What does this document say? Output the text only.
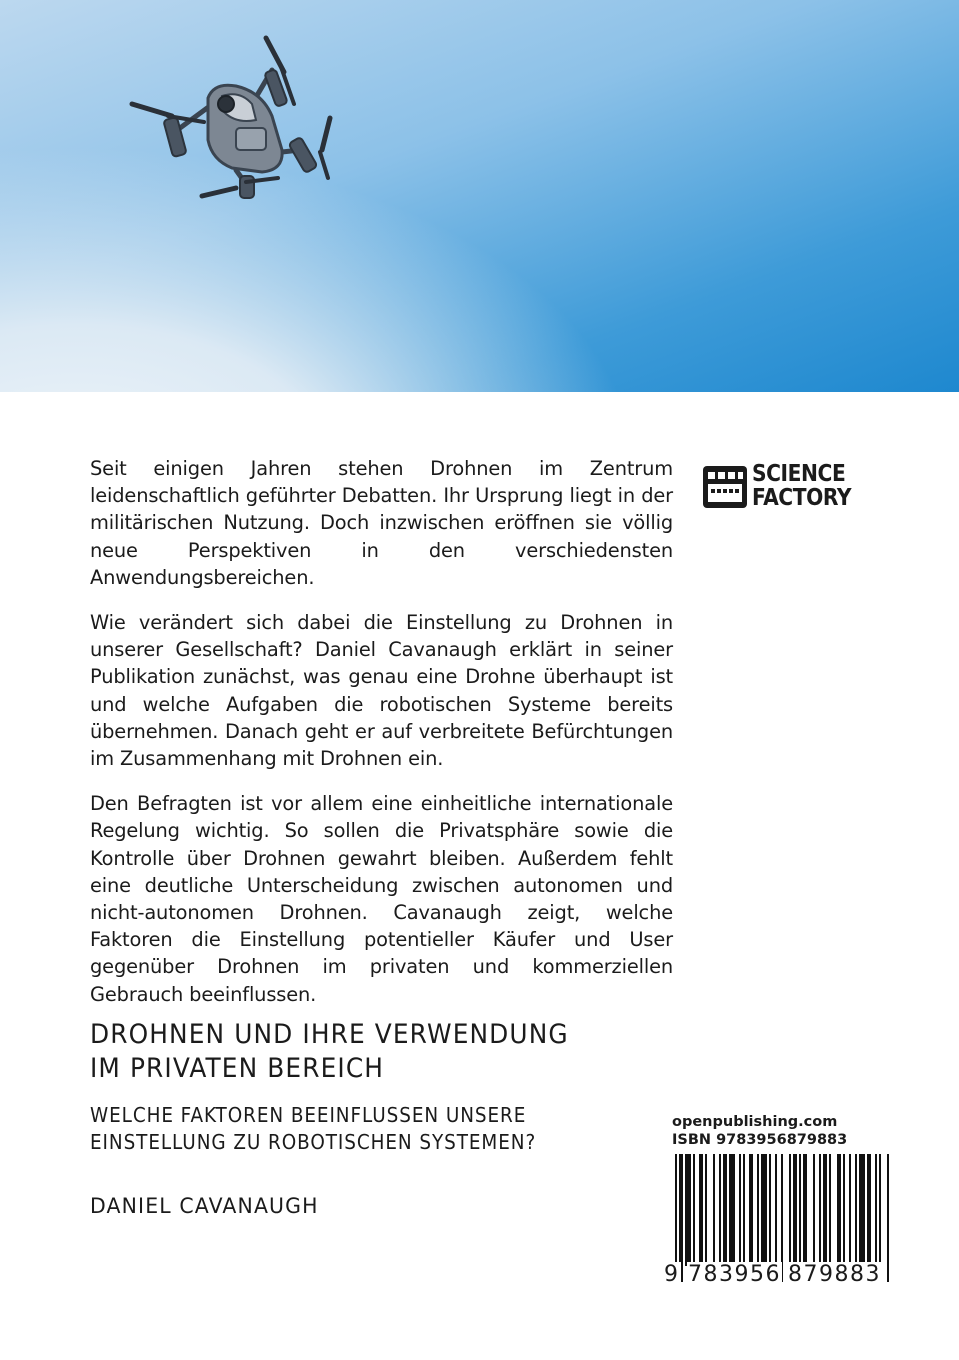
Seit einigen Jahren stehen Drohnen im Zentrum leidenschaftlich geführter Debatten. Ihr Ursprung liegt in der militärischen Nutzung. Doch inzwischen eröffnen sie völlig neue Perspektiven in den verschiedensten Anwendungsbereichen.

Wie verändert sich dabei die Einstellung zu Drohnen in unserer Gesellschaft? Daniel Cavanaugh erklärt in seiner Publikation zunächst, was genau eine Drohne überhaupt ist und welche Aufgaben die robotischen Systeme bereits übernehmen. Danach geht er auf verbreitete Befürchtungen im Zusammenhang mit Drohnen ein.

Den Befragten ist vor allem eine einheitliche internationale Regelung wichtig. So sollen die Privatsphäre sowie die Kontrolle über Drohnen gewahrt bleiben. Außerdem fehlt eine deutliche Unterscheidung zwischen autonomen und nicht-autonomen Drohnen. Cavanaugh zeigt, welche Faktoren die Einstellung potentieller Käufer und User gegenüber Drohnen im privaten und kommerziellen Gebrauch beeinflussen.

SCIENCE
FACTORY
DROHNEN UND IHRE VERWENDUNG
IM PRIVATEN BEREICH
WELCHE FAKTOREN BEEINFLUSSEN UNSERE
EINSTELLUNG ZU ROBOTISCHEN SYSTEMEN?
DANIEL CAVANAUGH
openpublishing.com
ISBN 9783956879883
9 783956 879883
